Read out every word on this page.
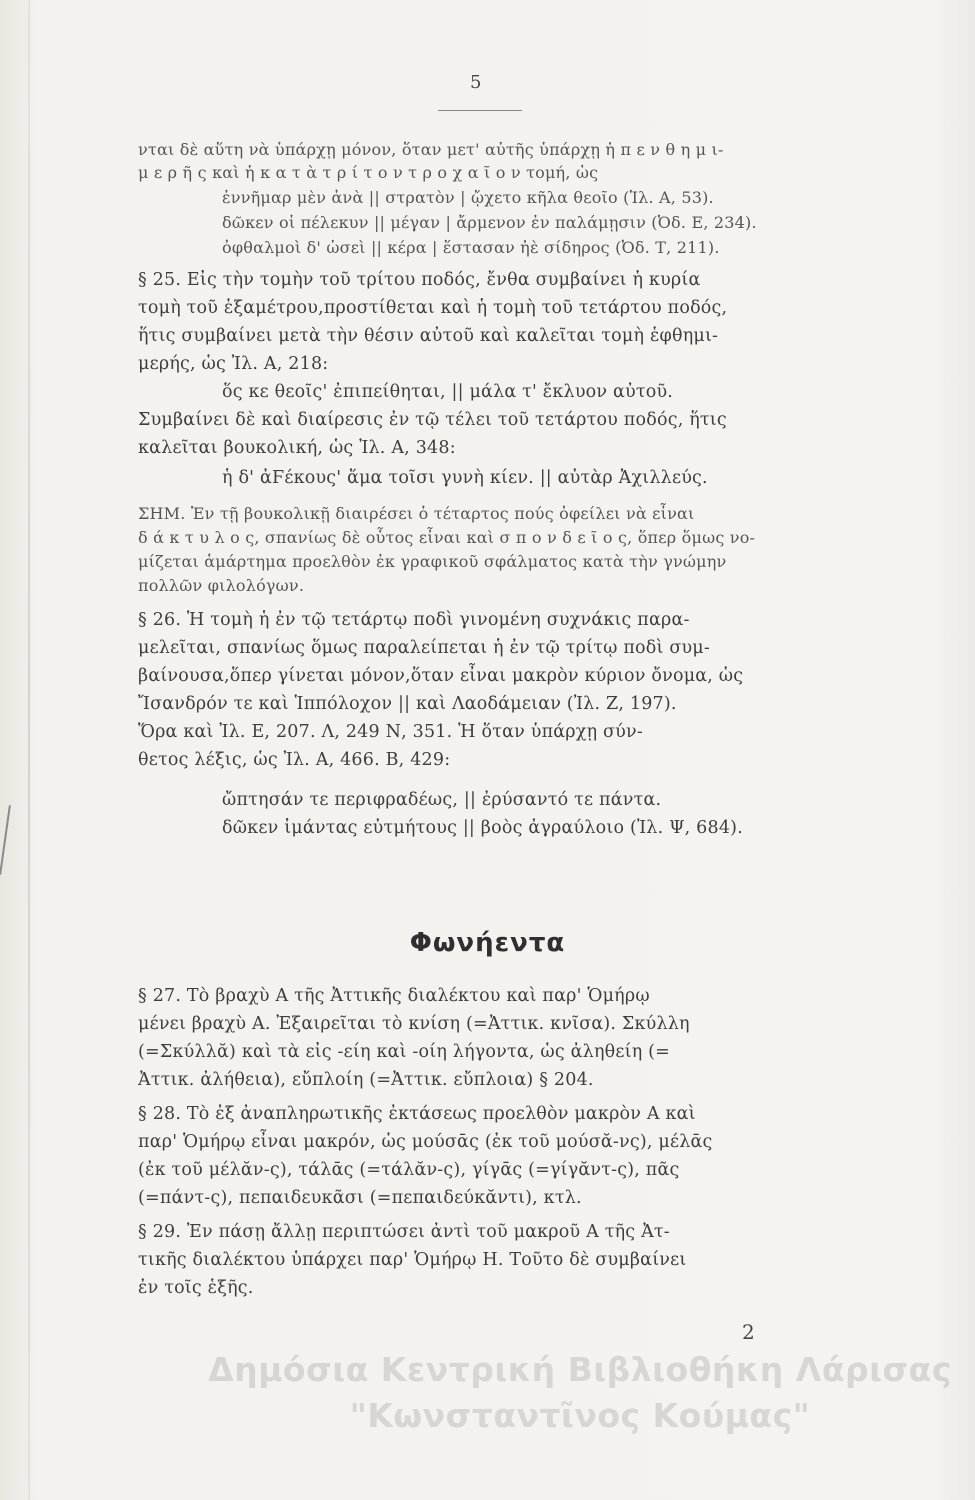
5
νται δὲ αὕτη νὰ ὑπάρχῃ μόνον, ὅταν μετ' αὐτῆς ὑπάρχῃ ἡ π ε ν θ η μ ι-
μ ε ρ ῆ ς καὶ ἡ κ α τ ὰ τ ρ ί τ ο ν τ ρ ο χ α ῖ ο ν τομή, ὡς
ἐννῆμαρ μὲν ἀνὰ || στρατὸν | ᾤχετο κῆλα θεοῖο (Ἰλ. Α, 53).
δῶκεν οἱ πέλεκυν || μέγαν | ἄρμενον ἐν παλάμῃσιν (Ὀδ. Ε, 234).
ὀφθαλμοὶ δ' ὡσεὶ || κέρα | ἕστασαν ἠὲ σίδηρος (Ὀδ. Τ, 211).
§ 25. Εἰς τὴν τομὴν τοῦ τρίτου ποδός, ἔνθα συμβαίνει ἡ κυρία
τομὴ τοῦ ἑξαμέτρου,προστίθεται καὶ ἡ τομὴ τοῦ τετάρτου ποδός,
ἥτις συμβαίνει μετὰ τὴν θέσιν αὐτοῦ καὶ καλεῖται τομὴ ἑφθημι-
μερής, ὡς Ἰλ. Α, 218:
ὅς κε θεοῖς' ἐπιπείθηται, || μάλα τ' ἔκλυον αὐτοῦ.
Συμβαίνει δὲ καὶ διαίρεσις ἐν τῷ τέλει τοῦ τετάρτου ποδός, ἥτις
καλεῖται βουκολική, ὡς Ἰλ. Α, 348:
ἡ δ' ἀϜέκους' ἅμα τοῖσι γυνὴ κίεν. || αὐτὰρ Ἀχιλλεύς.
ΣΗΜ. Ἐν τῇ βουκολικῇ διαιρέσει ὁ τέταρτος πούς ὀφείλει νὰ εἶναι
δ ά κ τ υ λ ο ς, σπανίως δὲ οὗτος εἶναι καὶ σ π ο ν δ ε ῖ ο ς, ὅπερ ὅμως νο-
μίζεται ἁμάρτημα προελθὸν ἐκ γραφικοῦ σφάλματος κατὰ τὴν γνώμην
πολλῶν φιλολόγων.
§ 26. Ἡ τομὴ ἡ ἐν τῷ τετάρτῳ ποδὶ γινομένη συχνάκις παρα-
μελεῖται, σπανίως ὅμως παραλείπεται ἡ ἐν τῷ τρίτῳ ποδὶ συμ-
βαίνουσα,ὅπερ γίνεται μόνον,ὅταν εἶναι μακρὸν κύριον ὄνομα, ὡς
Ἴσανδρόν τε καὶ Ἱππόλοχον || καὶ Λαοδάμειαν (Ἰλ. Ζ, 197).
Ὅρα καὶ Ἰλ. Ε, 207. Λ, 249 Ν, 351. Ἡ ὅταν ὑπάρχῃ σύν-
θετος λέξις, ὡς Ἰλ. Α, 466. Β, 429:
ὤπτησάν τε περιφραδέως, || ἐρύσαντό τε πάντα.
δῶκεν ἱμάντας εὐτμήτους || βοὸς ἀγραύλοιο (Ἰλ. Ψ, 684).
Φωνήεντα
§ 27. Τὸ βραχὺ Α τῆς Ἀττικῆς διαλέκτου καὶ παρ' Ὁμήρῳ
μένει βραχὺ Α. Ἐξαιρεῖται τὸ κνίση (=Ἀττικ. κνῖσα). Σκύλλη
(=Σκύλλᾰ) καὶ τὰ εἰς -είη καὶ -οίη λήγοντα, ὡς ἀληθείη (=
Ἀττικ. ἀλήθεια), εὔπλοίη (=Ἀττικ. εὔπλοια) § 204.
§ 28. Τὸ ἐξ ἀναπληρωτικῆς ἐκτάσεως προελθὸν μακρὸν Α καὶ
παρ' Ὁμήρῳ εἶναι μακρόν, ὡς μούσᾱς (ἐκ τοῦ μούσᾰ-νς), μέλᾱς
(ἐκ τοῦ μέλᾰν-ς), τάλᾱς (=τάλᾰν-ς), γίγᾱς (=γίγᾰντ-ς), πᾶς
(=πάντ-ς), πεπαιδευκᾶσι (=πεπαιδεύκᾰντι), κτλ.
§ 29. Ἐν πάσῃ ἄλλῃ περιπτώσει ἀντὶ τοῦ μακροῦ Α τῆς Ἀτ-
τικῆς διαλέκτου ὑπάρχει παρ' Ὁμήρῳ Η. Τοῦτο δὲ συμβαίνει
ἐν τοῖς ἑξῆς.
2
Δημόσια Κεντρική Βιβλιοθήκη Λάρισας
"Κωνσταντῖνος Κούμας"
